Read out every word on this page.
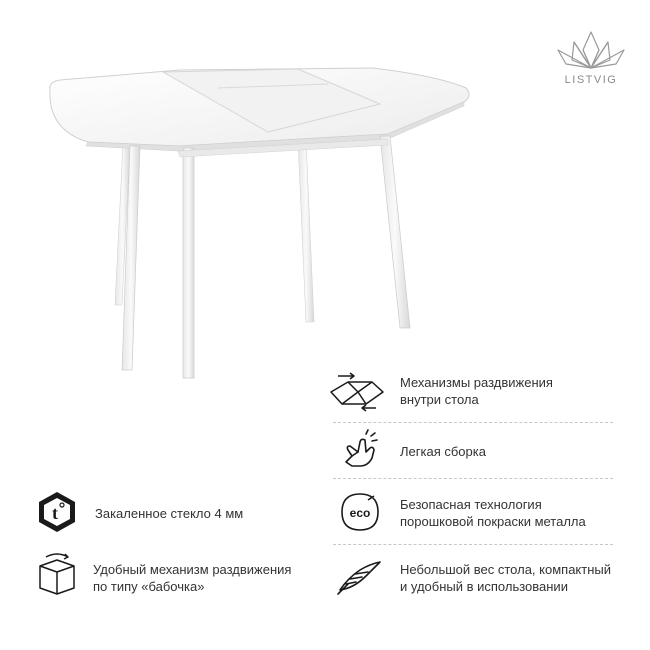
LISTVIG
Механизмы раздвижения
внутри стола
Легкая сборка
eco
Безопасная технология
порошковой покраски металла
Небольшой вес стола, компактный
и удобный в использовании
t	Закаленное стекло 4 мм
Удобный механизм раздвижения
по типу «бабочка»
